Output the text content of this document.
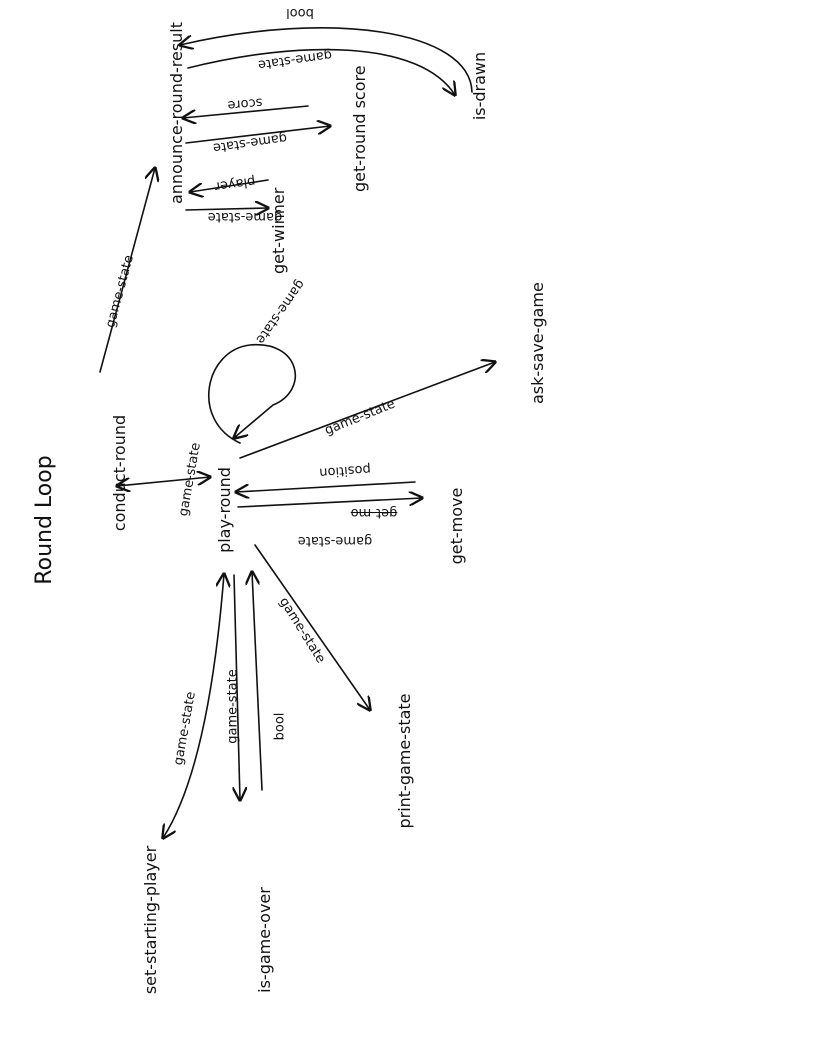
Round Loop
announce-round-result	is-drawn
get-round score
get-winner
conduct-round	play-round
ask-save-game
get-move
print-game-state
is-game-over
set-starting-player
bool
game-state
score
game-state
player
game-state
game-state	game-state
game-state
game-state	position
get-mo
game-state
game-state
game-state game-state bool
